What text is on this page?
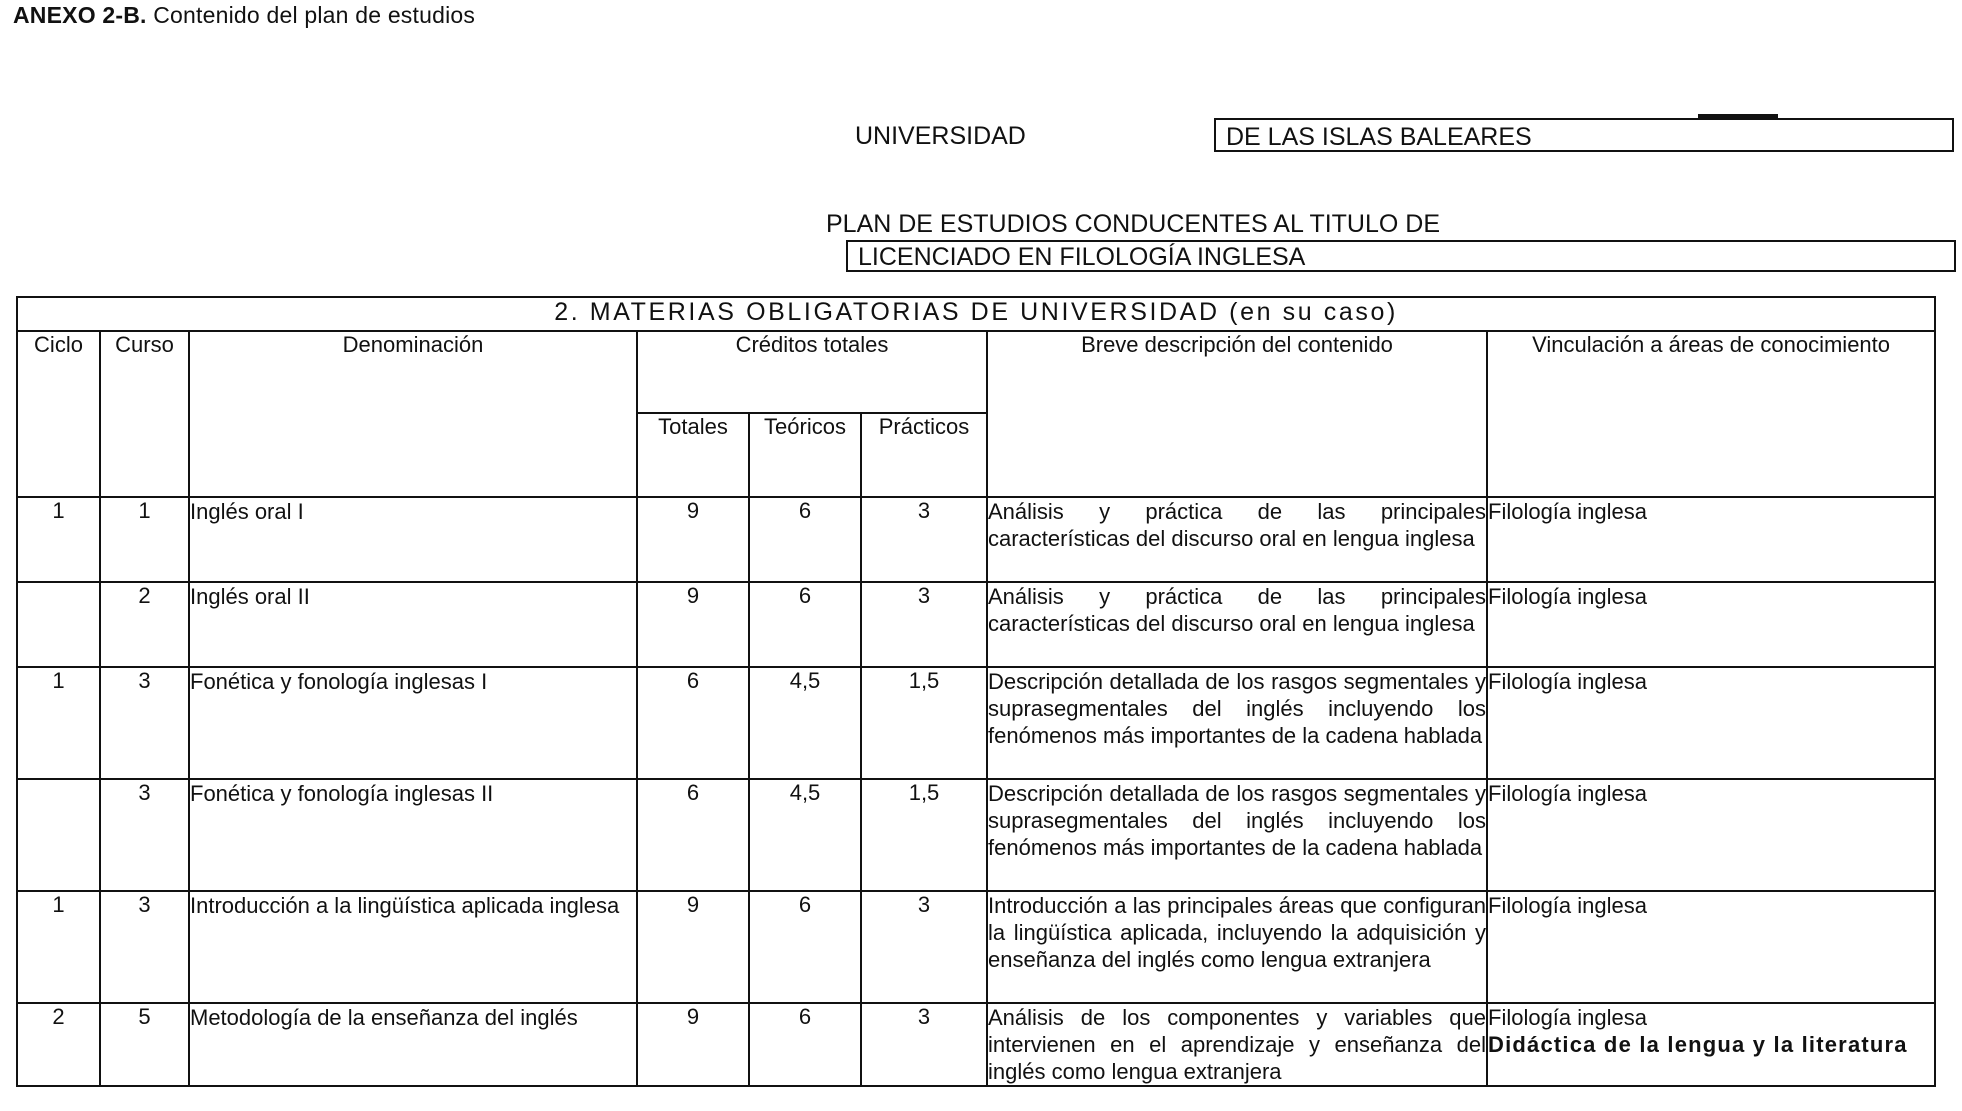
ANEXO 2-B. Contenido del plan de estudios
UNIVERSIDAD	DE LAS ISLAS BALEARES
PLAN DE ESTUDIOS CONDUCENTES AL TITULO DE
LICENCIADO EN FILOLOGÍA INGLESA
2. MATERIAS OBLIGATORIAS DE UNIVERSIDAD (en su caso)							
Ciclo	Curso	Denominación	Créditos totales			Breve descripción del contenido	Vinculación a áreas de conocimiento
			Totales	Teóricos	Prácticos		
1	1	Inglés oral I	9	6	3	Análisis y práctica de las principales características del discurso oral en lengua inglesa	Filología inglesa
	2	Inglés oral II	9	6	3	Análisis y práctica de las principales características del discurso oral en lengua inglesa	Filología inglesa
1	3	Fonética y fonología inglesas I	6	4,5	1,5	Descripción detallada de los rasgos segmentales y suprasegmentales del inglés incluyendo los fenómenos más importantes de la cadena hablada	Filología inglesa
	3	Fonética y fonología inglesas II	6	4,5	1,5	Descripción detallada de los rasgos segmentales y suprasegmentales del inglés incluyendo los fenómenos más importantes de la cadena hablada	Filología inglesa
1	3	Introducción a la lingüística aplicada inglesa	9	6	3	Introducción a las principales áreas que configuran la lingüística aplicada, incluyendo la adquisición y enseñanza del inglés como lengua extranjera	Filología inglesa
2	5	Metodología de la enseñanza del inglés	9	6	3	Análisis de los componentes y variables que intervienen en el aprendizaje y enseñanza del inglés como lengua extranjera	Filología inglesa
Didáctica de la lengua y la literatura
